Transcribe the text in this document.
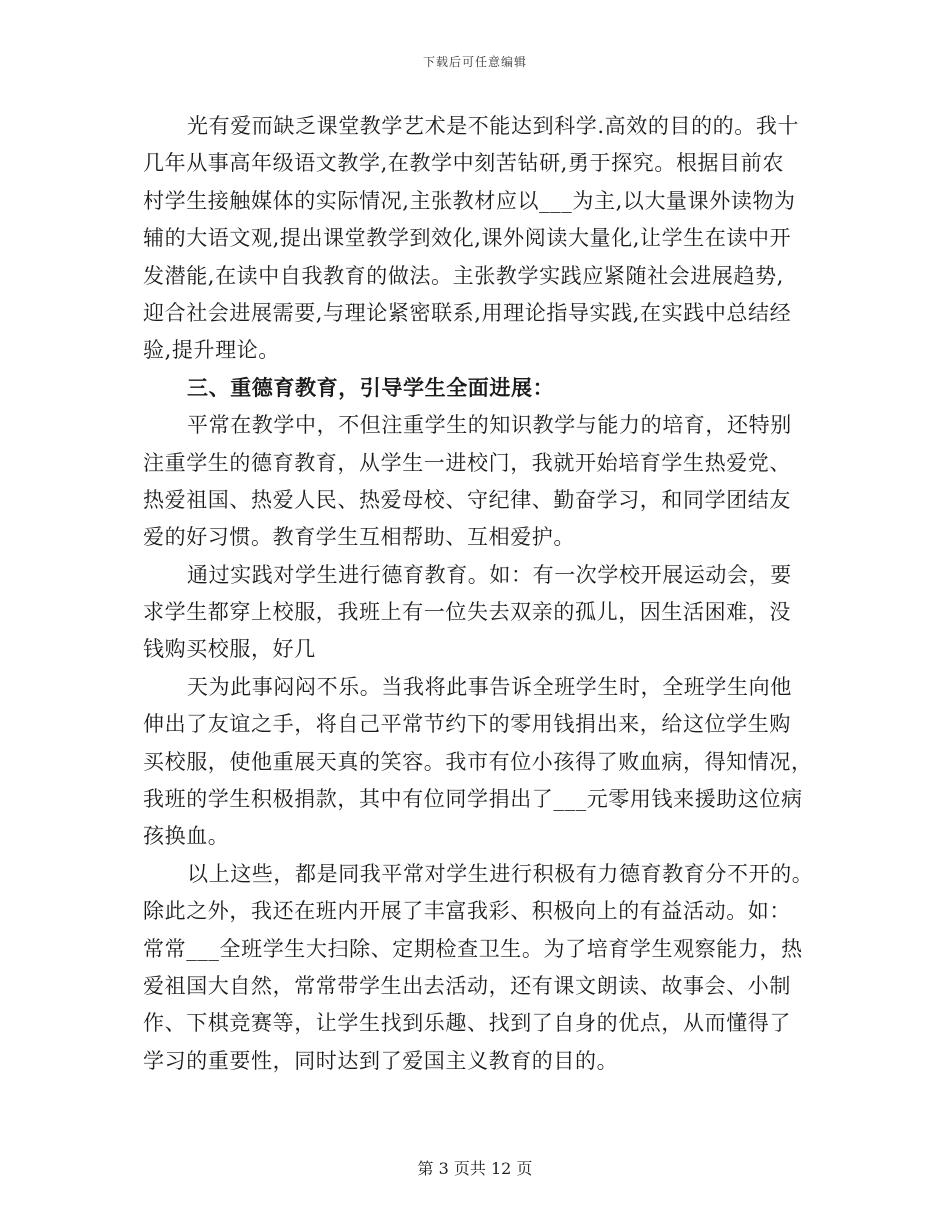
下载后可任意编辑
光有爱而缺乏课堂教学艺术是不能达到科学.高效的目的的。我十
几年从事高年级语文教学,在教学中刻苦钻研,勇于探究。根据目前农
村学生接触媒体的实际情况,主张教材应以___为主,以大量课外读物为
辅的大语文观,提出课堂教学到效化,课外阅读大量化,让学生在读中开
发潜能,在读中自我教育的做法。主张教学实践应紧随社会进展趋势,
迎合社会进展需要,与理论紧密联系,用理论指导实践,在实践中总结经
验,提升理论。
三、重德育教育，引导学生全面进展：
平常在教学中，不但注重学生的知识教学与能力的培育，还特别
注重学生的德育教育，从学生一进校门，我就开始培育学生热爱党、
热爱祖国、热爱人民、热爱母校、守纪律、勤奋学习，和同学团结友
爱的好习惯。教育学生互相帮助、互相爱护。
通过实践对学生进行德育教育。如：有一次学校开展运动会，要
求学生都穿上校服，我班上有一位失去双亲的孤儿，因生活困难，没
钱购买校服，好几
天为此事闷闷不乐。当我将此事告诉全班学生时，全班学生向他
伸出了友谊之手，将自己平常节约下的零用钱捐出来，给这位学生购
买校服，使他重展天真的笑容。我市有位小孩得了败血病，得知情况，
我班的学生积极捐款，其中有位同学捐出了___元零用钱来援助这位病
孩换血。
以上这些，都是同我平常对学生进行积极有力德育教育分不开的。
除此之外，我还在班内开展了丰富我彩、积极向上的有益活动。如：
常常___全班学生大扫除、定期检查卫生。为了培育学生观察能力，热
爱祖国大自然，常常带学生出去活动，还有课文朗读、故事会、小制
作、下棋竞赛等，让学生找到乐趣、找到了自身的优点，从而懂得了
学习的重要性，同时达到了爱国主义教育的目的。
第 3 页共 12 页
